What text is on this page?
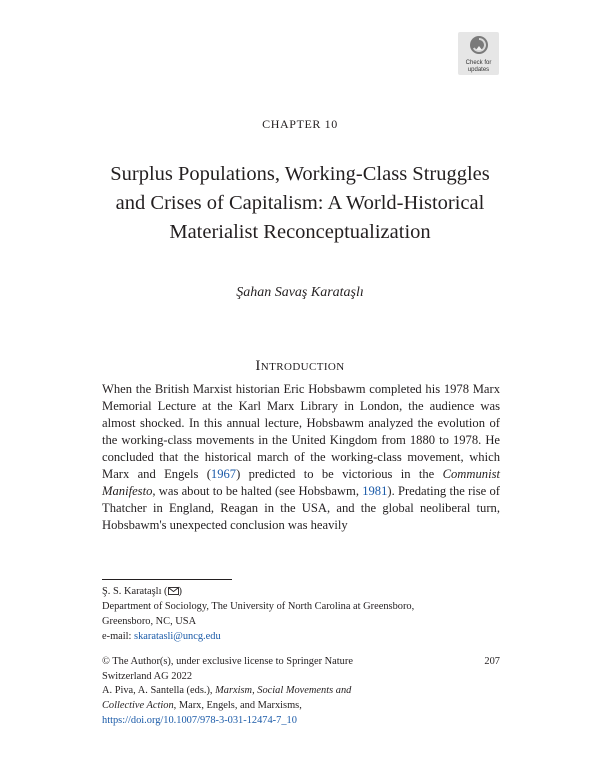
Check for
updates
CHAPTER 10
Surplus Populations, Working-Class Struggles
and Crises of Capitalism: A World-Historical
Materialist Reconceptualization
Şahan Savaş Karataşlı
Introduction

When the British Marxist historian Eric Hobsbawm completed his 1978 Marx Memorial Lecture at the Karl Marx Library in London, the audience was almost shocked. In this annual lecture, Hobsbawm analyzed the evolution of the working-class movements in the United Kingdom from 1880 to 1978. He concluded that the historical march of the working-class movement, which Marx and Engels (1967) predicted to be victorious in the Communist Manifesto, was about to be halted (see Hobsbawm, 1981). Predating the rise of Thatcher in England, Reagan in the USA, and the global neoliberal turn, Hobsbawm's unexpected conclusion was heavily

Ş. S. Karataşlı ( )
Department of Sociology, The University of North Carolina at Greensboro,
Greensboro, NC, USA
e-mail: skaratasli@uncg.edu
© The Author(s), under exclusive license to Springer Nature
Switzerland AG 2022
207
A. Piva, A. Santella (eds.), Marxism, Social Movements and
Collective Action, Marx, Engels, and Marxisms,
https://doi.org/10.1007/978-3-031-12474-7_10
